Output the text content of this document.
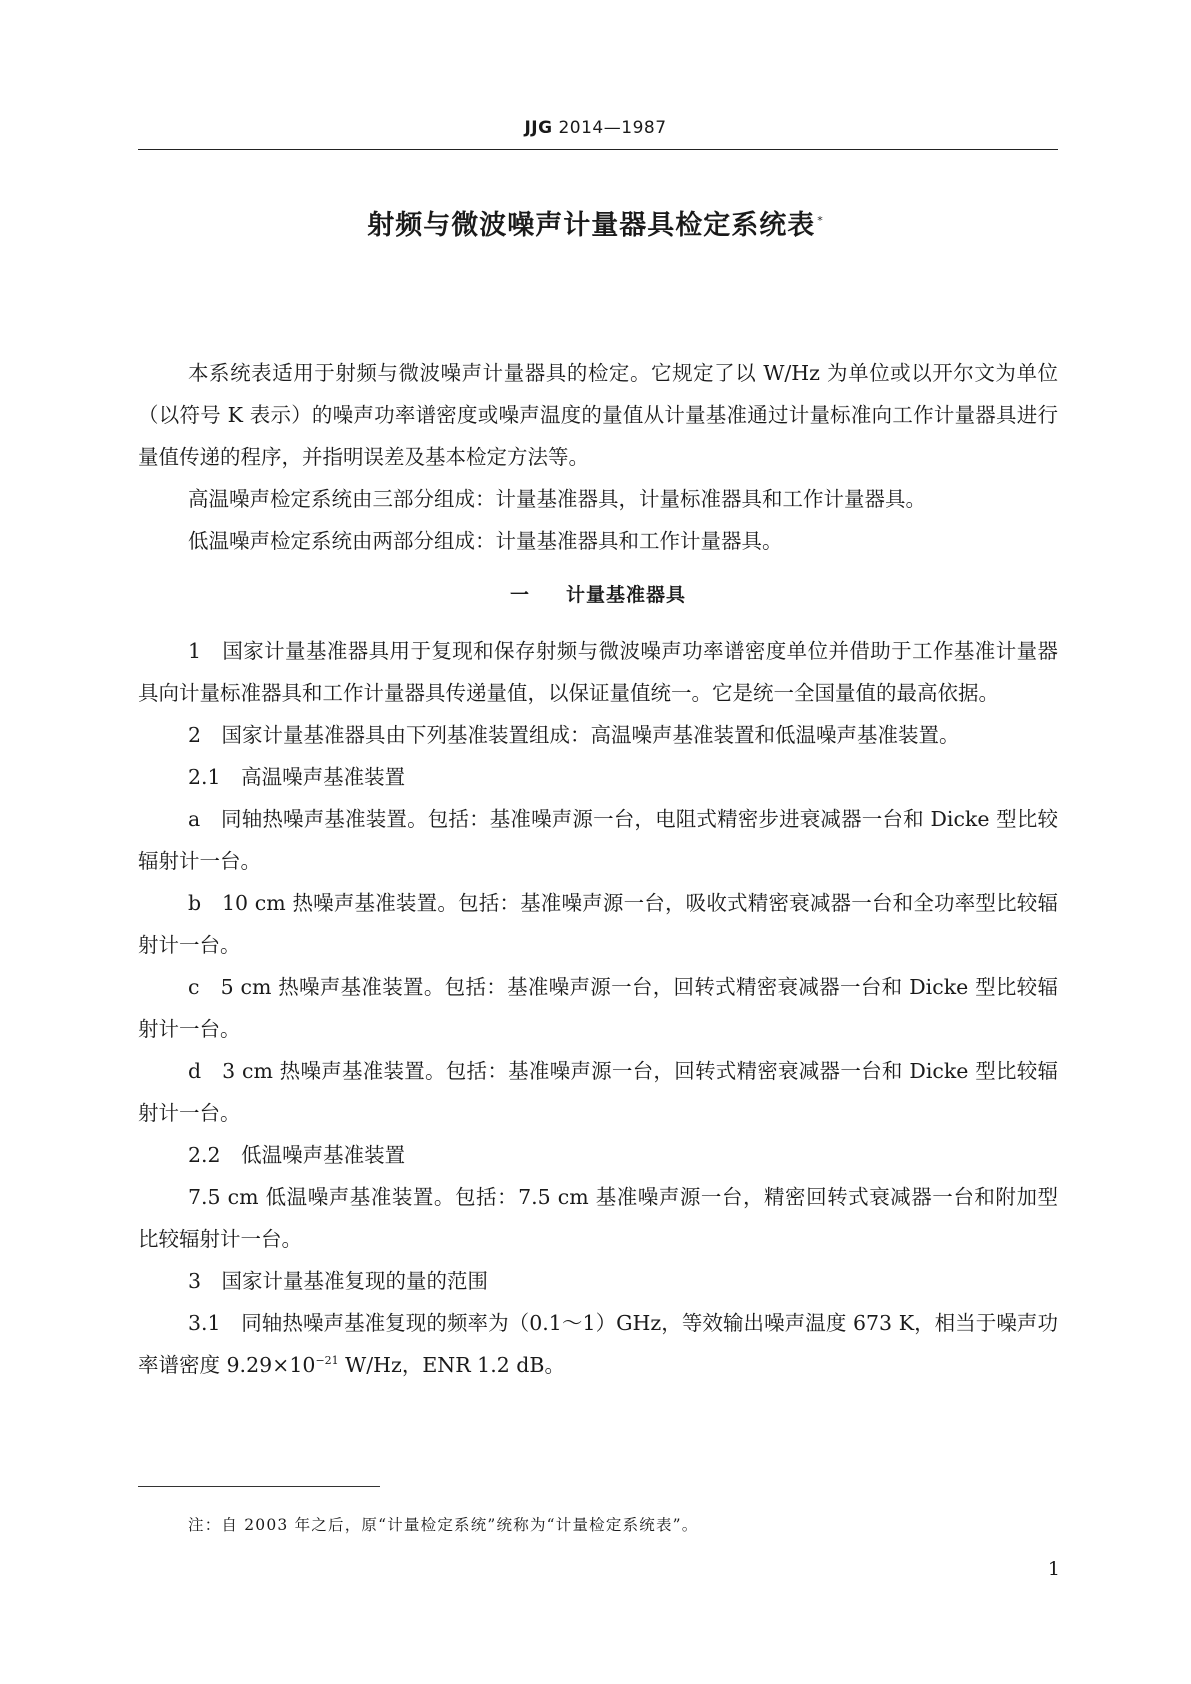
JJG 2014—1987
射频与微波噪声计量器具检定系统表 *

本系统表适用于射频与微波噪声计量器具的检定。它规定了以 W/Hz 为单位或以开尔文为单位（以符号 K 表示）的噪声功率谱密度或噪声温度的量值从计量基准通过计量标准向工作计量器具进行量值传递的程序，并指明误差及基本检定方法等。

高温噪声检定系统由三部分组成：计量基准器具，计量标准器具和工作计量器具。

低温噪声检定系统由两部分组成：计量基准器具和工作计量器具。

一 计量基准器具

1　国家计量基准器具用于复现和保存射频与微波噪声功率谱密度单位并借助于工作基准计量器具向计量标准器具和工作计量器具传递量值，以保证量值统一。它是统一全国量值的最高依据。

2　国家计量基准器具由下列基准装置组成：高温噪声基准装置和低温噪声基准装置。

2.1　高温噪声基准装置

a　同轴热噪声基准装置。包括：基准噪声源一台，电阻式精密步进衰减器一台和 Dicke 型比较辐射计一台。

b　10 cm 热噪声基准装置。包括：基准噪声源一台，吸收式精密衰减器一台和全功率型比较辐射计一台。

c　5 cm 热噪声基准装置。包括：基准噪声源一台，回转式精密衰减器一台和 Dicke 型比较辐射计一台。

d　3 cm 热噪声基准装置。包括：基准噪声源一台，回转式精密衰减器一台和 Dicke 型比较辐射计一台。

2.2　低温噪声基准装置

7.5 cm 低温噪声基准装置。包括：7.5 cm 基准噪声源一台，精密回转式衰减器一台和附加型比较辐射计一台。

3　国家计量基准复现的量的范围

3.1　同轴热噪声基准复现的频率为（0.1～1）GHz，等效输出噪声温度 673 K，相当于噪声功率谱密度 $9.29\times 10^{-21}$ W/Hz，ENR 1.2 dB。

注：自 2003 年之后，原“计量检定系统”统称为“计量检定系统表”。
1
